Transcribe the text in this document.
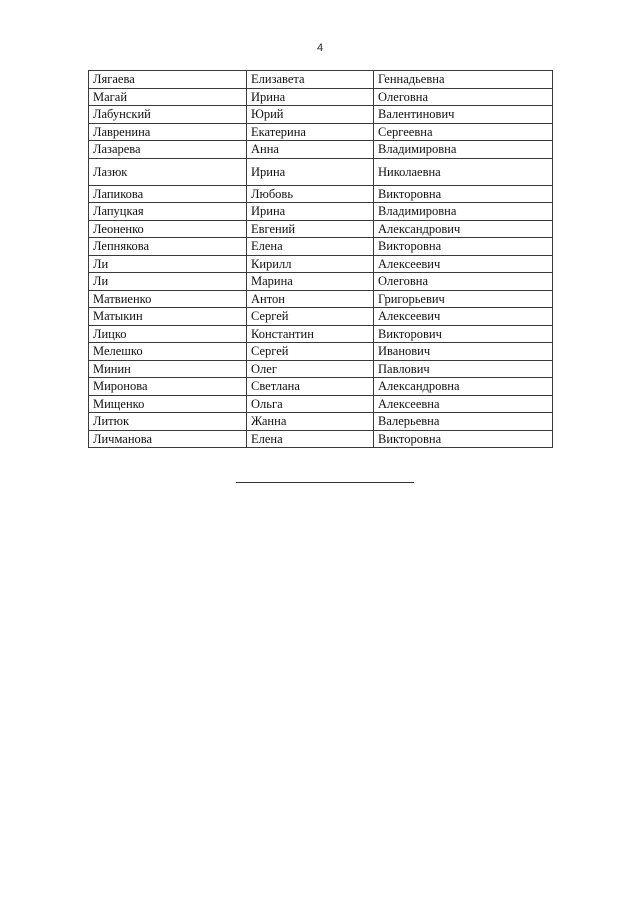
4
Лягаева	Елизавета	Геннадьевна
Магай	Ирина	Олеговна
Лабунский	Юрий	Валентинович
Лавренина	Екатерина	Сергеевна
Лазарева	Анна	Владимировна
Лазюк	Ирина	Николаевна
Лапикова	Любовь	Викторовна
Лапуцкая	Ирина	Владимировна
Леоненко	Евгений	Александрович
Лепнякова	Елена	Викторовна
Ли	Кирилл	Алексеевич
Ли	Марина	Олеговна
Матвиенко	Антон	Григорьевич
Матыкин	Сергей	Алексеевич
Лицко	Константин	Викторович
Мелешко	Сергей	Иванович
Минин	Олег	Павлович
Миронова	Светлана	Александровна
Мищенко	Ольга	Алексеевна
Литюк	Жанна	Валерьевна
Личманова	Елена	Викторовна
